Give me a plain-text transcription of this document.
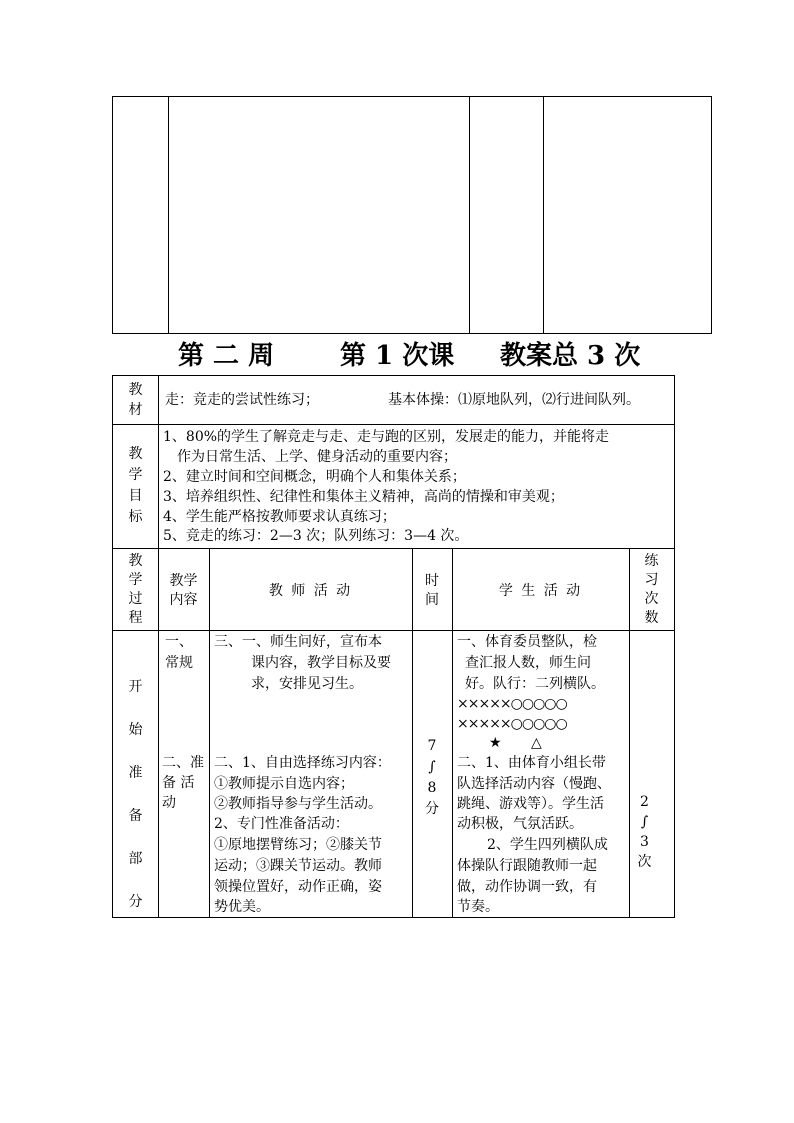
第 二 周	第 1 次课 教案总 3 次
教
材
走：竞走的尝试性练习；	基本体操：⑴原地队列，⑵行进间队列。
教
学
目
标
1、80%的学生了解竞走与走、走与跑的区别，发展走的能力，并能将走
作为日常生活、上学、健身活动的重要内容；
2、建立时间和空间概念，明确个人和集体关系；
3、培养组织性、纪律性和集体主义精神，高尚的情操和审美观；
4、学生能严格按教师要求认真练习；
5、竞走的练习：2—3 次；队列练习：3—4 次。
教
学
过
程
教学
内容
教 师 活 动
时
间
学 生 活 动
练
习
次
数
开
始
准
备
部
分
一、
常规
二、准
备 活
动
三、一、师生问好，宣布本
课内容，教学目标及要
求，安排见习生。
二、1、自由选择练习内容：
①教师提示自选内容；
②教师指导参与学生活动。
2、专门性准备活动：
①原地摆臂练习；②膝关节
运动；③踝关节运动。教师
领操位置好，动作正确，姿
势优美。
7
∫
8
分
一、体育委员整队，检
查汇报人数，师生问
好。队行：二列横队。
×××××○○○○○
×××××○○○○○
★ △
二、1、由体育小组长带
队选择活动内容（慢跑、
跳绳、游戏等）。学生活
动积极，气氛活跃。
2、学生四列横队成
体操队行跟随教师一起
做，动作协调一致，有
节奏。
2
∫
3
次
